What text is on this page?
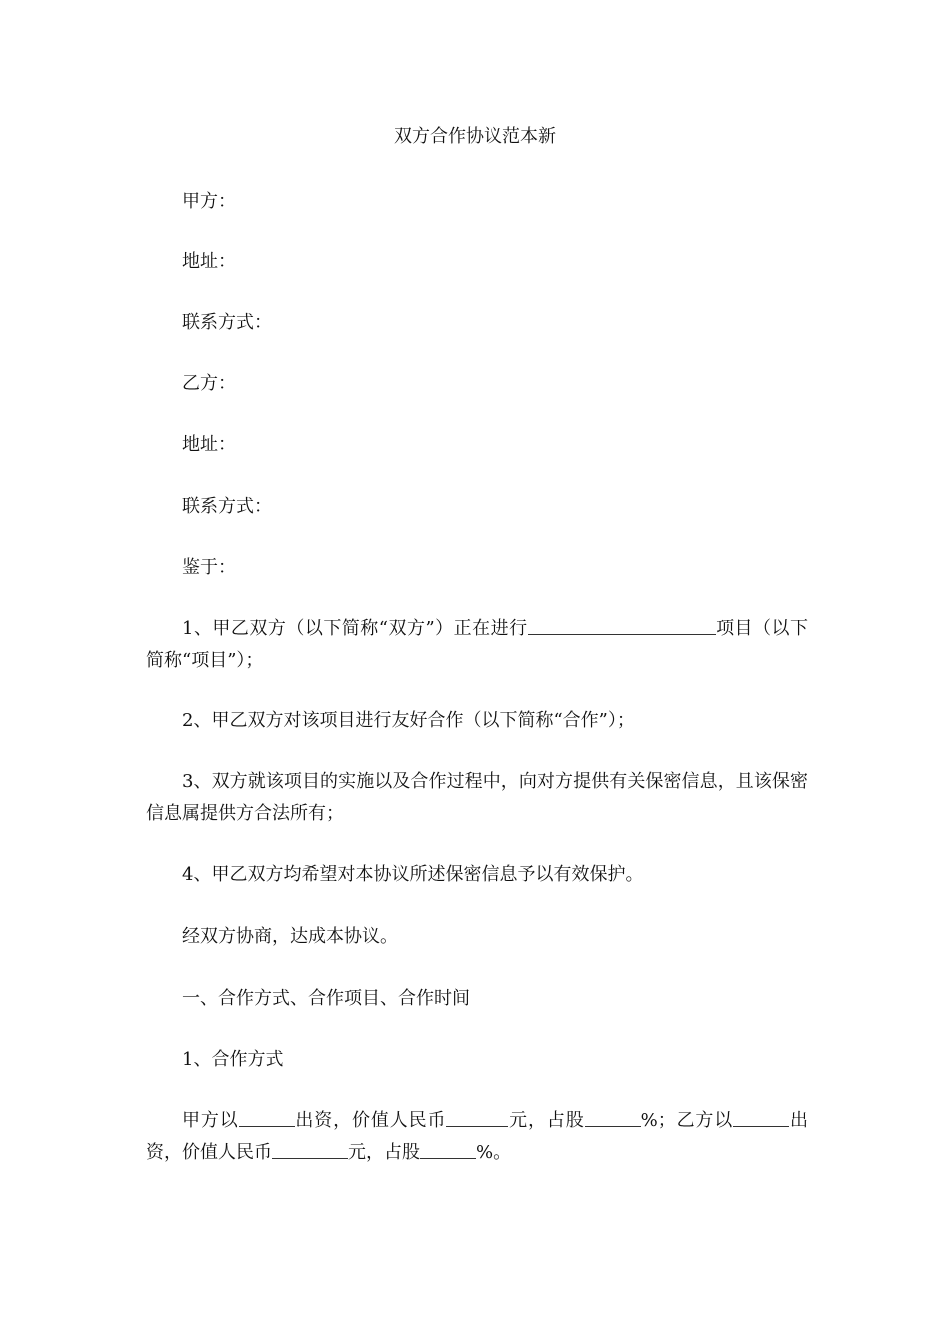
双方合作协议范本新
甲方：
地址：
联系方式：
乙方：
地址：
联系方式：
鉴于：
1、甲乙双方（以下简称“双方”）正在进行	项目（以下简称“项目”）；
2、甲乙双方对该项目进行友好合作（以下简称“合作”）；
3、双方就该项目的实施以及合作过程中，向对方提供有关保密信息，且该保密信息属提供方合法所有；
4、甲乙双方均希望对本协议所述保密信息予以有效保护。
经双方协商，达成本协议。
一、合作方式、合作项目、合作时间
1、合作方式
甲方以	出资，价值人民币	元，占股	%；乙方以	出资，价值人民币	元，占股	%。
